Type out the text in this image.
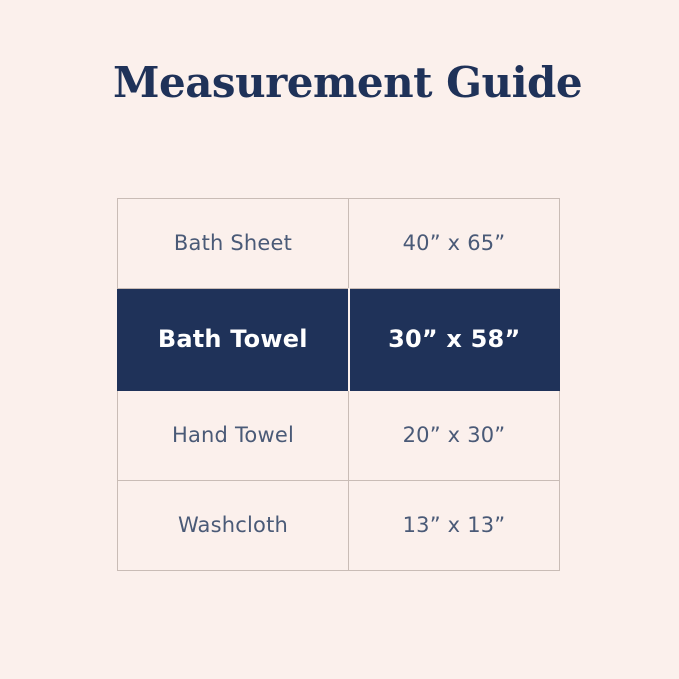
Measurement Guide
Bath Sheet	40” x 65”

Bath Towel	30” x 58”

Hand Towel	20” x 30”

Washcloth	13” x 13”
